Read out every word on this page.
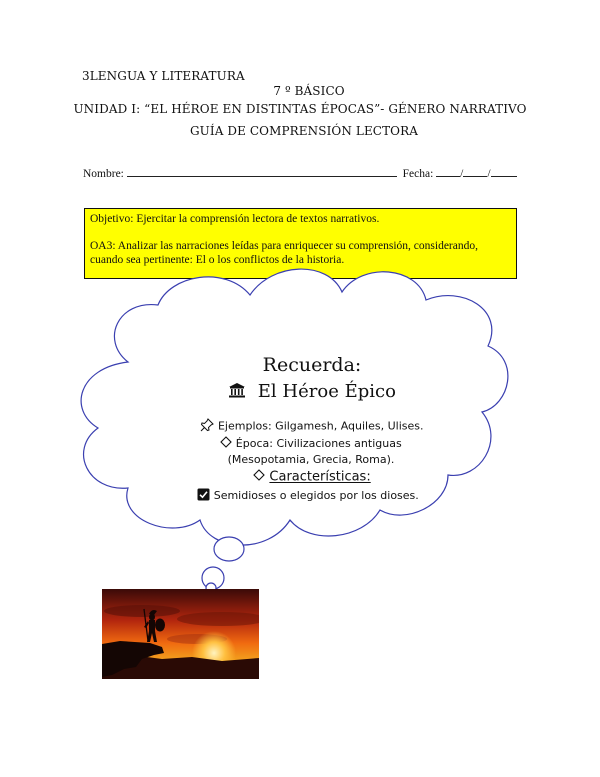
3LENGUA Y LITERATURA
7 º BÁSICO
UNIDAD I: “EL HÉROE EN DISTINTAS ÉPOCAS”- GÉNERO NARRATIVO
GUÍA DE COMPRENSIÓN LECTORA
Nombre:	Fecha: / /

Objetivo: Ejercitar la comprensión lectora de textos narrativos.

OA3: Analizar las narraciones leídas para enriquecer su comprensión, considerando, cuando sea pertinente: El o los conflictos de la historia.

Recuerda:
El Héroe Épico
Ejemplos: Gilgamesh, Aquiles, Ulises.
Época: Civilizaciones antiguas
(Mesopotamia, Grecia, Roma).
Características:
Semidioses o elegidos por los dioses.
